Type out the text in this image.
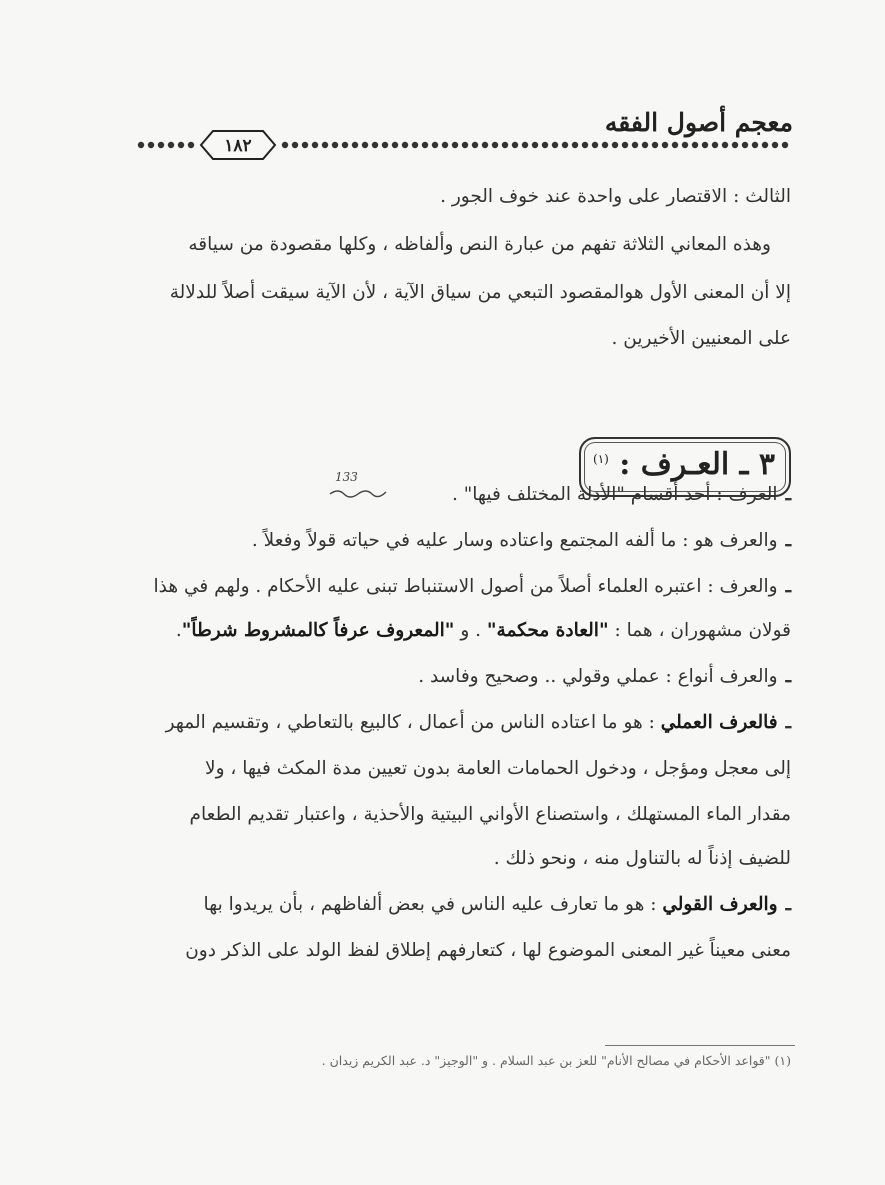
معجم أصول الفقه
١٨٢
الثالث : الاقتصار على واحدة عند خوف الجور .
وهذه المعاني الثلاثة تفهم من عبارة النص وألفاظه ، وكلها مقصودة من سياقه
إلا أن المعنى الأول هوالمقصود التبعي من سياق الآية ، لأن الآية سيقت أصلاً للدلالة
على المعنيين الأخيرين .
٣ ـ العـرف : $^{(١)}$
133
ـالعرف : أحد أقسام "الأدلة المختلف فيها" .
ـوالعرف هو : ما ألفه المجتمع واعتاده وسار عليه في حياته قولاً وفعلاً .
ـوالعرف : اعتبره العلماء أصلاً من أصول الاستنباط تبنى عليه الأحكام . ولهم في هذا
قولان مشهوران ، هما : "العادة محكمة" . و "المعروف عرفاً كالمشروط شرطاً".
ـوالعرف أنواع : عملي وقولي .. وصحيح وفاسد .
ـفالعرف العملي : هو ما اعتاده الناس من أعمال ، كالبيع بالتعاطي ، وتقسيم المهر
إلى معجل ومؤجل ، ودخول الحمامات العامة بدون تعيين مدة المكث فيها ، ولا
مقدار الماء المستهلك ، واستصناع الأواني البيتية والأحذية ، واعتبار تقديم الطعام
للضيف إذناً له بالتناول منه ، ونحو ذلك .
ـوالعرف القولي : هو ما تعارف عليه الناس في بعض ألفاظهم ، بأن يريدوا بها
معنى معيناً غير المعنى الموضوع لها ، كتعارفهم إطلاق لفظ الولد على الذكر دون
(١) "قواعد الأحكام في مصالح الأنام" للعز بن عبد السلام . و "الوجيز" د. عبد الكريم زيدان .
